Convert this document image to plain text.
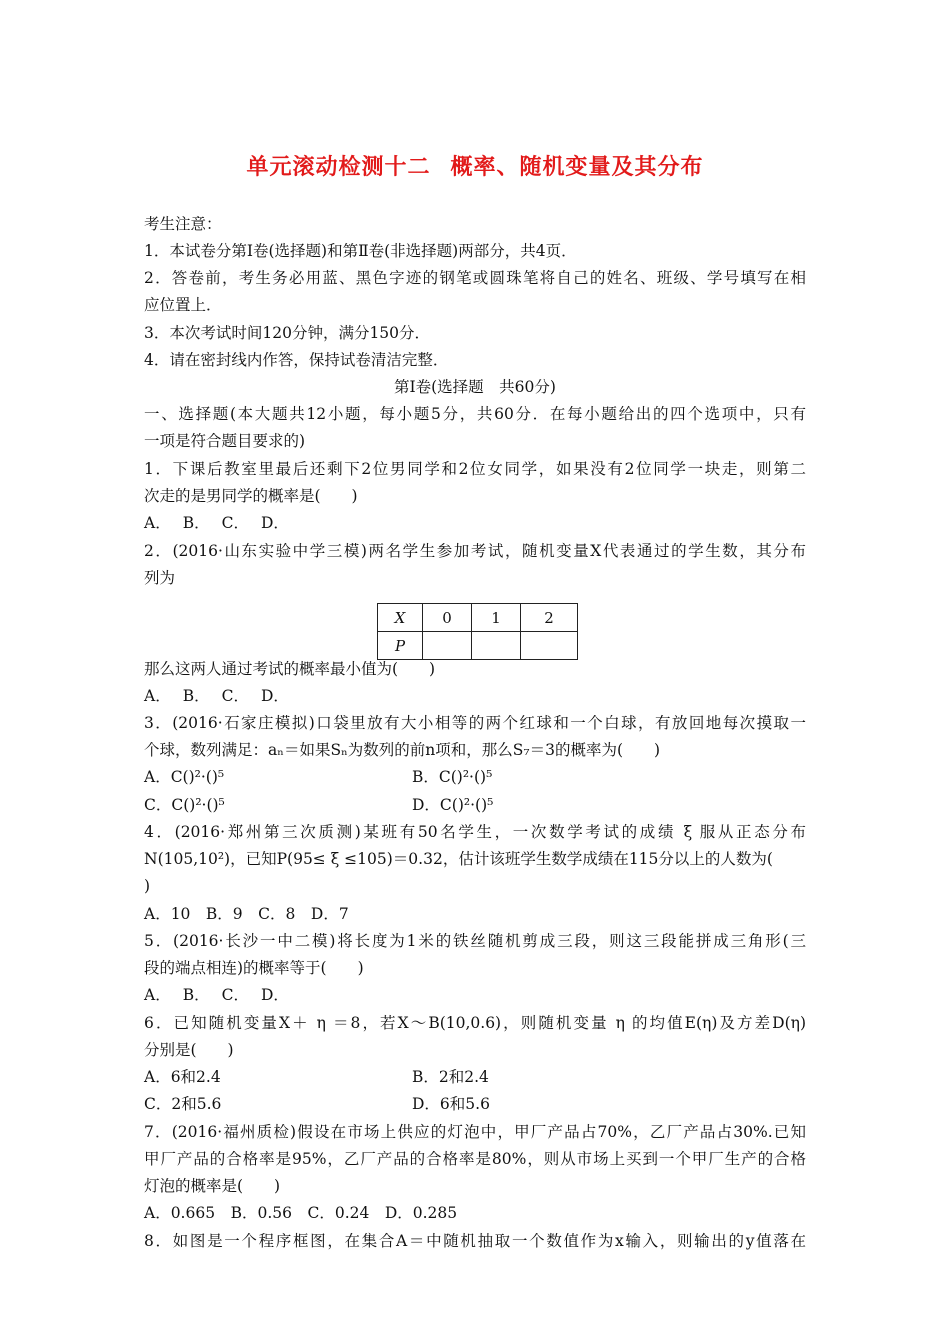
单元滚动检测十二 概率、随机变量及其分布
考生注意：
1．本试卷分第Ⅰ卷(选择题)和第Ⅱ卷(非选择题)两部分，共4页．
2．答卷前，考生务必用蓝、黑色字迹的钢笔或圆珠笔将自己的姓名、班级、学号填写在相
应位置上．
3．本次考试时间120分钟，满分150分．
4．请在密封线内作答，保持试卷清洁完整．
第Ⅰ卷(选择题　共60分)
一、选择题(本大题共12小题，每小题5分，共60分．在每小题给出的四个选项中，只有
一项是符合题目要求的)
1．下课后教室里最后还剩下2位男同学和2位女同学，如果没有2位同学一块走，则第二
次走的是男同学的概率是(　　)
A． B． C． D．
2．(2016·山东实验中学三模)两名学生参加考试，随机变量X代表通过的学生数，其分布
列为
X	0	1	2
P			
那么这两人通过考试的概率最小值为(　　)
A． B． C． D．
3．(2016·石家庄模拟)口袋里放有大小相等的两个红球和一个白球，有放回地每次摸取一
个球，数列满足：aₙ＝如果Sₙ为数列的前n项和，那么S₇＝3的概率为(　　)
A．C()²·()⁵	B．C()²·()⁵
C．C()²·()⁵	D．C()²·()⁵
4．(2016·郑州第三次质测)某班有50名学生，一次数学考试的成绩 ξ 服从正态分布
N(105,10²)，已知P(95≤ ξ ≤105)＝0.32，估计该班学生数学成绩在115分以上的人数为(
)
A．10　B．9　C．8　D．7
5．(2016·长沙一中二模)将长度为1米的铁丝随机剪成三段，则这三段能拼成三角形(三
段的端点相连)的概率等于(　　)
A． B． C． D．
6．已知随机变量X＋ η ＝8，若X～B(10,0.6)，则随机变量 η 的均值E(η)及方差D(η)
分别是(　　)
A．6和2.4	B．2和2.4
C．2和5.6	D．6和5.6
7．(2016·福州质检)假设在市场上供应的灯泡中，甲厂产品占70%，乙厂产品占30%.已知
甲厂产品的合格率是95%，乙厂产品的合格率是80%，则从市场上买到一个甲厂生产的合格
灯泡的概率是(　　)
A．0.665　B．0.56　C．0.24　D．0.285
8．如图是一个程序框图，在集合A＝中随机抽取一个数值作为x输入，则输出的y值落在
